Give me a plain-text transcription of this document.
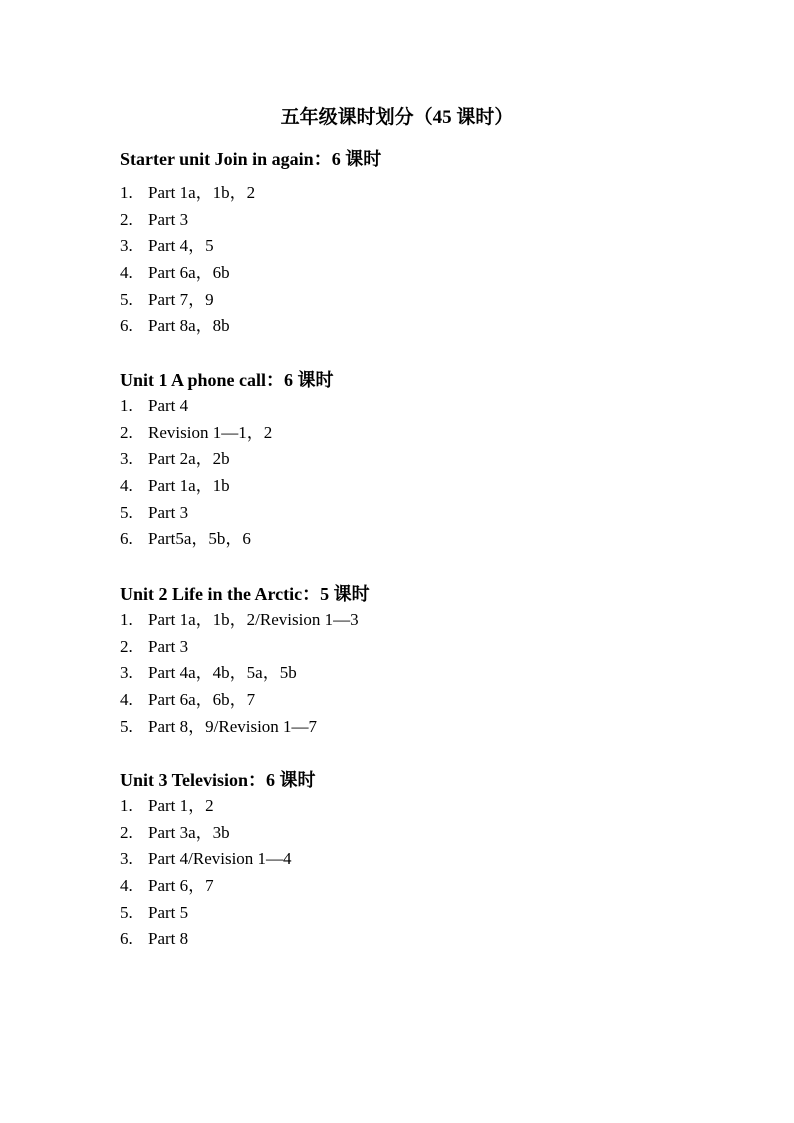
五年级课时划分（45 课时）
Starter unit Join in again：6 课时
1. Part 1a，1b，2
2. Part 3
3. Part 4，5
4. Part 6a，6b
5. Part 7，9
6. Part 8a，8b
Unit 1 A phone call：6 课时
1. Part 4
2. Revision 1—1，2
3. Part 2a，2b
4. Part 1a，1b
5. Part 3
6. Part5a，5b，6
Unit 2 Life in the Arctic：5 课时
1. Part 1a，1b，2/Revision 1—3
2. Part 3
3. Part 4a，4b，5a，5b
4. Part 6a，6b，7
5. Part 8，9/Revision 1—7
Unit 3 Television：6 课时
1. Part 1，2
2. Part 3a，3b
3. Part 4/Revision 1—4
4. Part 6，7
5. Part 5
6. Part 8
